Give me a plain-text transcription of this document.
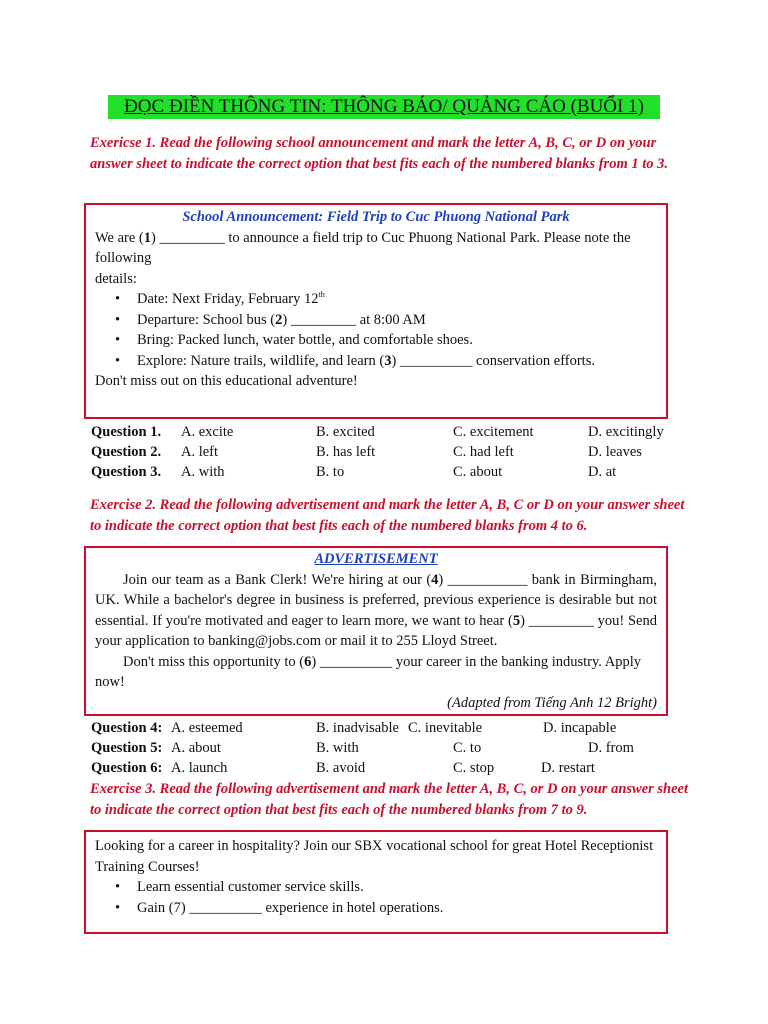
ĐỌC ĐIỀN THÔNG TIN: THÔNG BÁO/ QUẢNG CÁO (BUỔI 1)
Exericse 1. Read the following school announcement and mark the letter A, B, C, or D on your answer sheet to indicate the correct option that best fits each of the numbered blanks from 1 to 3.
School Announcement: Field Trip to Cuc Phuong National Park

We are (1) _________ to announce a field trip to Cuc Phuong National Park. Please note the following

details:

• Date: Next Friday, February 12th
• Departure: School bus (2) _________ at 8:00 AM
• Bring: Packed lunch, water bottle, and comfortable shoes.
• Explore: Nature trails, wildlife, and learn (3) __________ conservation efforts.

Don't miss out on this educational adventure!

Question 1. A. excite	B. excited	C. excitement	D. excitingly
Question 2. A. left	B. has left	C. had left	D. leaves
Question 3. A. with	B. to	C. about	D. at
Exercise 2. Read the following advertisement and mark the letter A, B, C or D on your answer sheet to indicate the correct option that best fits each of the numbered blanks from 4 to 6.
ADVERTISEMENT

Join our team as a Bank Clerk! We're hiring at our (4) ___________ bank in Birmingham, UK. While a bachelor's degree in business is preferred, previous experience is desirable but not essential. If you're motivated and eager to learn more, we want to hear (5) _________ you! Send your application to banking@jobs.com or mail it to 255 Lloyd Street.

Don't miss this opportunity to (6) __________ your career in the banking industry. Apply now!

(Adapted from Tiếng Anh 12 Bright)

Question 4: A. esteemed	B. inadvisable C. inevitable	D. incapable
Question 5: A. about	B. with	C. to	D. from
Question 6: A. launch	B. avoid	C. stop	D. restart
Exercise 3. Read the following advertisement and mark the letter A, B, C, or D on your answer sheet to indicate the correct option that best fits each of the numbered blanks from 7 to 9.

Looking for a career in hospitality? Join our SBX vocational school for great Hotel Receptionist Training Courses!

• Learn essential customer service skills.
• Gain (7) __________ experience in hotel operations.
